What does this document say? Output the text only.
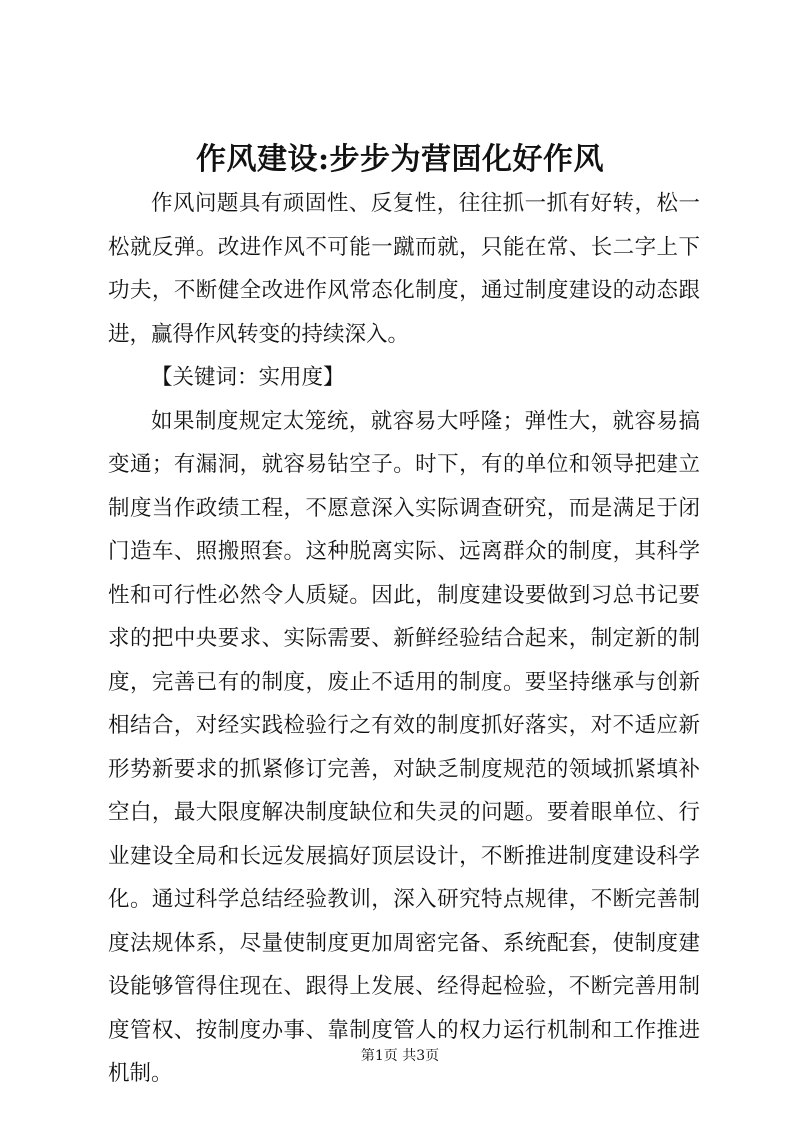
作风建设:步步为营固化好作风

作风问题具有顽固性、反复性，往往抓一抓有好转，松一松就反弹。改进作风不可能一蹴而就，只能在常、长二字上下功夫，不断健全改进作风常态化制度，通过制度建设的动态跟进，赢得作风转变的持续深入。

【关键词：实用度】

如果制度规定太笼统，就容易大呼隆；弹性大，就容易搞变通；有漏洞，就容易钻空子。时下，有的单位和领导把建立制度当作政绩工程，不愿意深入实际调查研究，而是满足于闭门造车、照搬照套。这种脱离实际、远离群众的制度，其科学性和可行性必然令人质疑。因此，制度建设要做到习总书记要求的把中央要求、实际需要、新鲜经验结合起来，制定新的制度，完善已有的制度，废止不适用的制度。要坚持继承与创新相结合，对经实践检验行之有效的制度抓好落实，对不适应新形势新要求的抓紧修订完善，对缺乏制度规范的领域抓紧填补空白，最大限度解决制度缺位和失灵的问题。要着眼单位、行业建设全局和长远发展搞好顶层设计，不断推进制度建设科学化。通过科学总结经验教训，深入研究特点规律，不断完善制度法规体系，尽量使制度更加周密完备、系统配套，使制度建设能够管得住现在、跟得上发展、经得起检验，不断完善用制度管权、按制度办事、靠制度管人的权力运行机制和工作推进机制。

第1页 共3页
